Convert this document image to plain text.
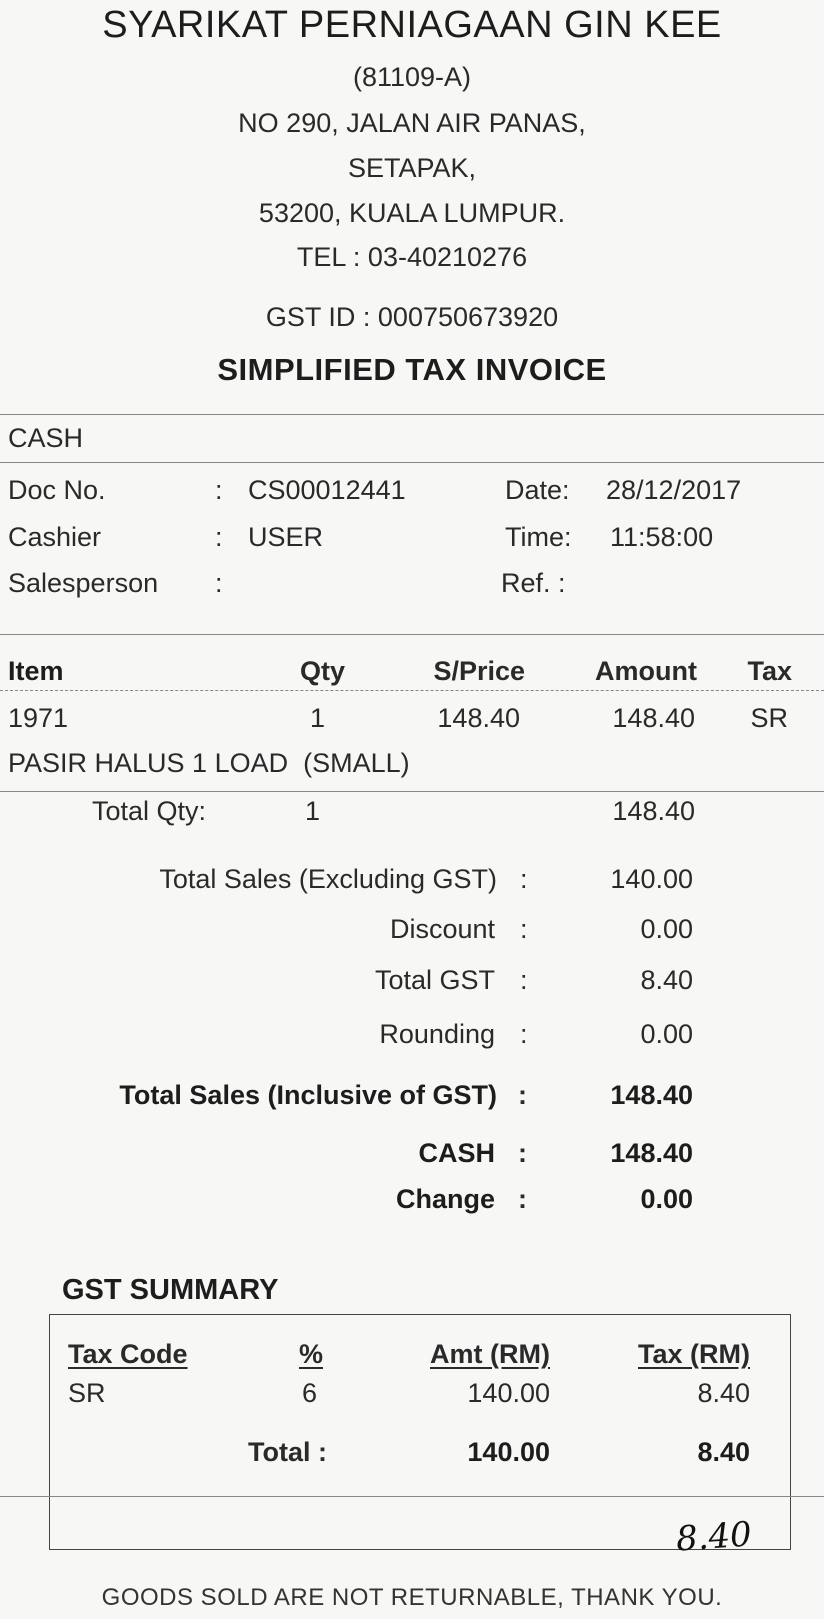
SYARIKAT PERNIAGAAN GIN KEE
(81109-A)
NO 290, JALAN AIR PANAS,
SETAPAK,
53200, KUALA LUMPUR.
TEL : 03-40210276
GST ID : 000750673920
SIMPLIFIED TAX INVOICE
CASH
Doc No.	: CS00012441	Date: 28/12/2017
Cashier	: USER	Time: 11:58:00
Salesperson :	Ref. :
Item	Qty	S/Price	Amount	Tax
1971	1	148.40	148.40	SR
PASIR HALUS 1 LOAD  (SMALL)
Total Qty:	1	148.40
Total Sales (Excluding GST) :	140.00
Discount :	0.00
Total GST :	8.40
Rounding :	0.00
Total Sales (Inclusive of GST) :	148.40
CASH :	148.40
Change :	0.00
GST SUMMARY
Tax Code	%	Amt (RM)	Tax (RM)
SR	6	140.00	8.40
Total :	140.00	8.40
8.40
GOODS SOLD ARE NOT RETURNABLE, THANK YOU.
